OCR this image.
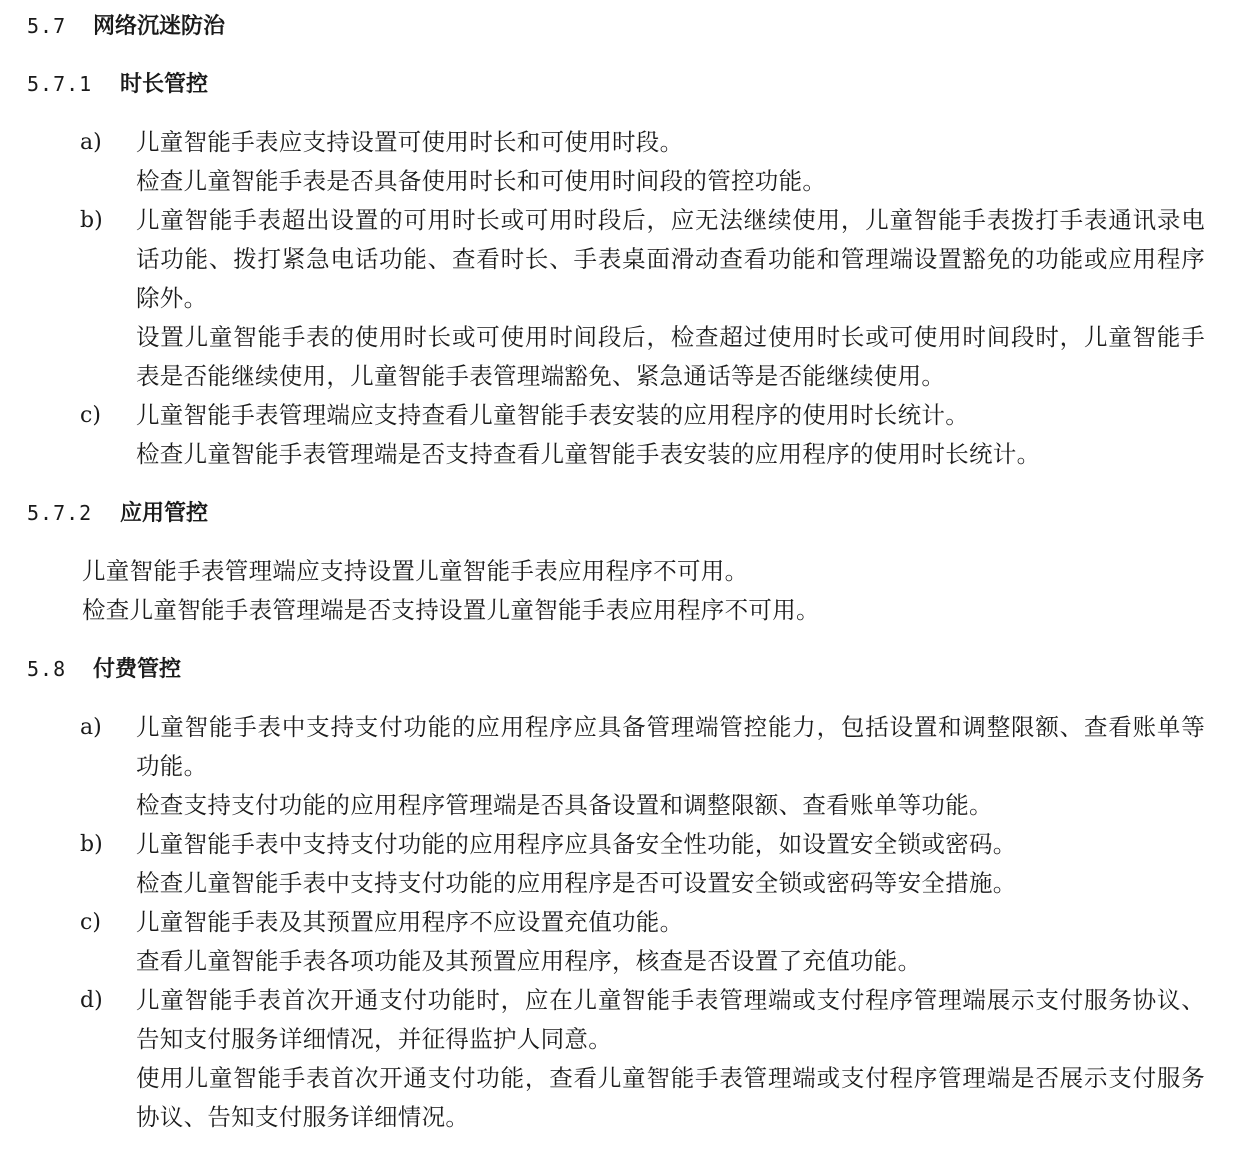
5.7 网络沉迷防治
5.7.1 时长管控
a)	儿童智能手表应支持设置可使用时长和可使用时段。

检查儿童智能手表是否具备使用时长和可使用时间段的管控功能。

b)	儿童智能手表超出设置的可用时长或可用时段后，应无法继续使用，儿童智能手表拨打手表通讯录电话功能、拨打紧急电话功能、查看时长、手表桌面滑动查看功能和管理端设置豁免的功能或应用程序除外。

设置儿童智能手表的使用时长或可使用时间段后，检查超过使用时长或可使用时间段时，儿童智能手表是否能继续使用，儿童智能手表管理端豁免、紧急通话等是否能继续使用。

c)	儿童智能手表管理端应支持查看儿童智能手表安装的应用程序的使用时长统计。

检查儿童智能手表管理端是否支持查看儿童智能手表安装的应用程序的使用时长统计。

5.7.2 应用管控

儿童智能手表管理端应支持设置儿童智能手表应用程序不可用。

检查儿童智能手表管理端是否支持设置儿童智能手表应用程序不可用。

5.8 付费管控
a)	儿童智能手表中支持支付功能的应用程序应具备管理端管控能力，包括设置和调整限额、查看账单等功能。

检查支持支付功能的应用程序管理端是否具备设置和调整限额、查看账单等功能。

b)	儿童智能手表中支持支付功能的应用程序应具备安全性功能，如设置安全锁或密码。

检查儿童智能手表中支持支付功能的应用程序是否可设置安全锁或密码等安全措施。

c)	儿童智能手表及其预置应用程序不应设置充值功能。

查看儿童智能手表各项功能及其预置应用程序，核查是否设置了充值功能。

d)	儿童智能手表首次开通支付功能时，应在儿童智能手表管理端或支付程序管理端展示支付服务协议、告知支付服务详细情况，并征得监护人同意。

使用儿童智能手表首次开通支付功能，查看儿童智能手表管理端或支付程序管理端是否展示支付服务协议、告知支付服务详细情况。
